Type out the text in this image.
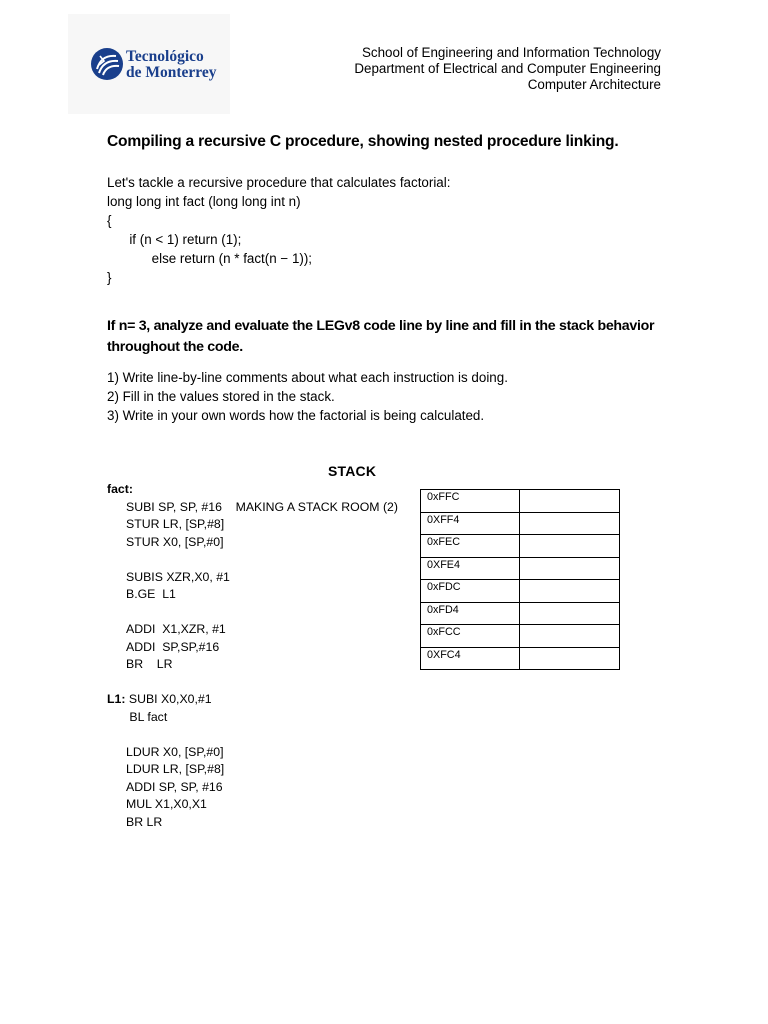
Tecnológico
de Monterrey
School of Engineering and Information Technology
Department of Electrical and Computer Engineering
Computer Architecture
Compiling a recursive C procedure, showing nested procedure linking.
Let's tackle a recursive procedure that calculates factorial:
long long int fact (long long int n)
{
if (n < 1) return (1);
else return (n * fact(n − 1));
}
If n= 3, analyze and evaluate the LEGv8 code line by line and fill in the stack behavior throughout the code.
1) Write line-by-line comments about what each instruction is doing.
2) Fill in the values stored in the stack.
3) Write in your own words how the factorial is being calculated.
STACK
fact:
SUBI SP, SP, #16    MAKING A STACK ROOM (2)
STUR LR, [SP,#8]
STUR X0, [SP,#0]
SUBIS XZR,X0, #1
B.GE  L1
ADDI  X1,XZR, #1
ADDI  SP,SP,#16
BR    LR
L1: SUBI X0,X0,#1
BL fact
LDUR X0, [SP,#0]
LDUR LR, [SP,#8]
ADDI SP, SP, #16
MUL X1,X0,X1
BR LR
0xFFC	
0XFF4	
0xFEC	
0XFE4	
0xFDC	
0xFD4	
0xFCC	
0XFC4	
